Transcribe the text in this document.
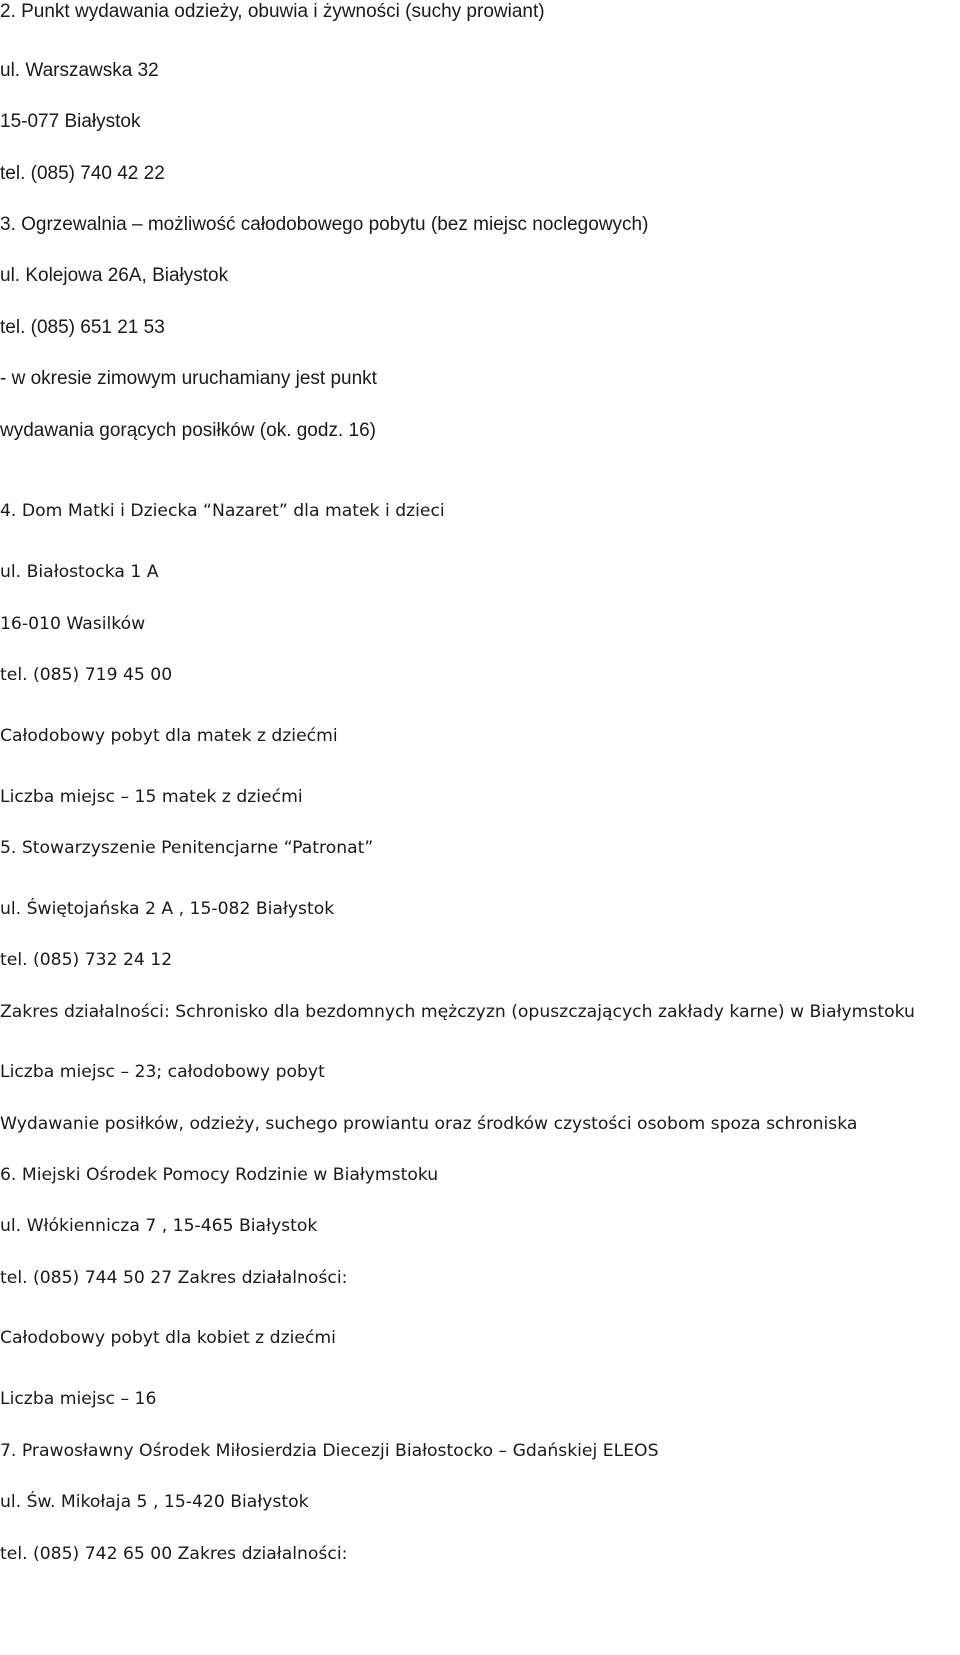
2. Punkt wydawania odzieży, obuwia i żywności (suchy prowiant)
ul. Warszawska 32
15-077 Białystok
tel. (085) 740 42 22
3. Ogrzewalnia – możliwość całodobowego pobytu (bez miejsc noclegowych)
ul. Kolejowa 26A, Białystok
tel. (085) 651 21 53
- w okresie zimowym uruchamiany jest punkt
wydawania gorących posiłków (ok. godz. 16)
4. Dom Matki i Dziecka “Nazaret” dla matek i dzieci
ul. Białostocka 1 A
16-010 Wasilków
tel. (085) 719 45 00
Całodobowy pobyt dla matek z dziećmi
Liczba miejsc – 15 matek z dziećmi
5. Stowarzyszenie Penitencjarne “Patronat”
ul. Świętojańska 2 A , 15-082 Białystok
tel. (085) 732 24 12
Zakres działalności: Schronisko dla bezdomnych mężczyzn (opuszczających zakłady karne) w Białymstoku
Liczba miejsc – 23; całodobowy pobyt
Wydawanie posiłków, odzieży, suchego prowiantu oraz środków czystości osobom spoza schroniska
6. Miejski Ośrodek Pomocy Rodzinie w Białymstoku
ul. Włókiennicza 7 , 15-465 Białystok
tel. (085) 744 50 27 Zakres działalności:
Całodobowy pobyt dla kobiet z dziećmi
Liczba miejsc – 16
7. Prawosławny Ośrodek Miłosierdzia Diecezji Białostocko – Gdańskiej ELEOS
ul. Św. Mikołaja 5 , 15-420 Białystok
tel. (085) 742 65 00 Zakres działalności:
